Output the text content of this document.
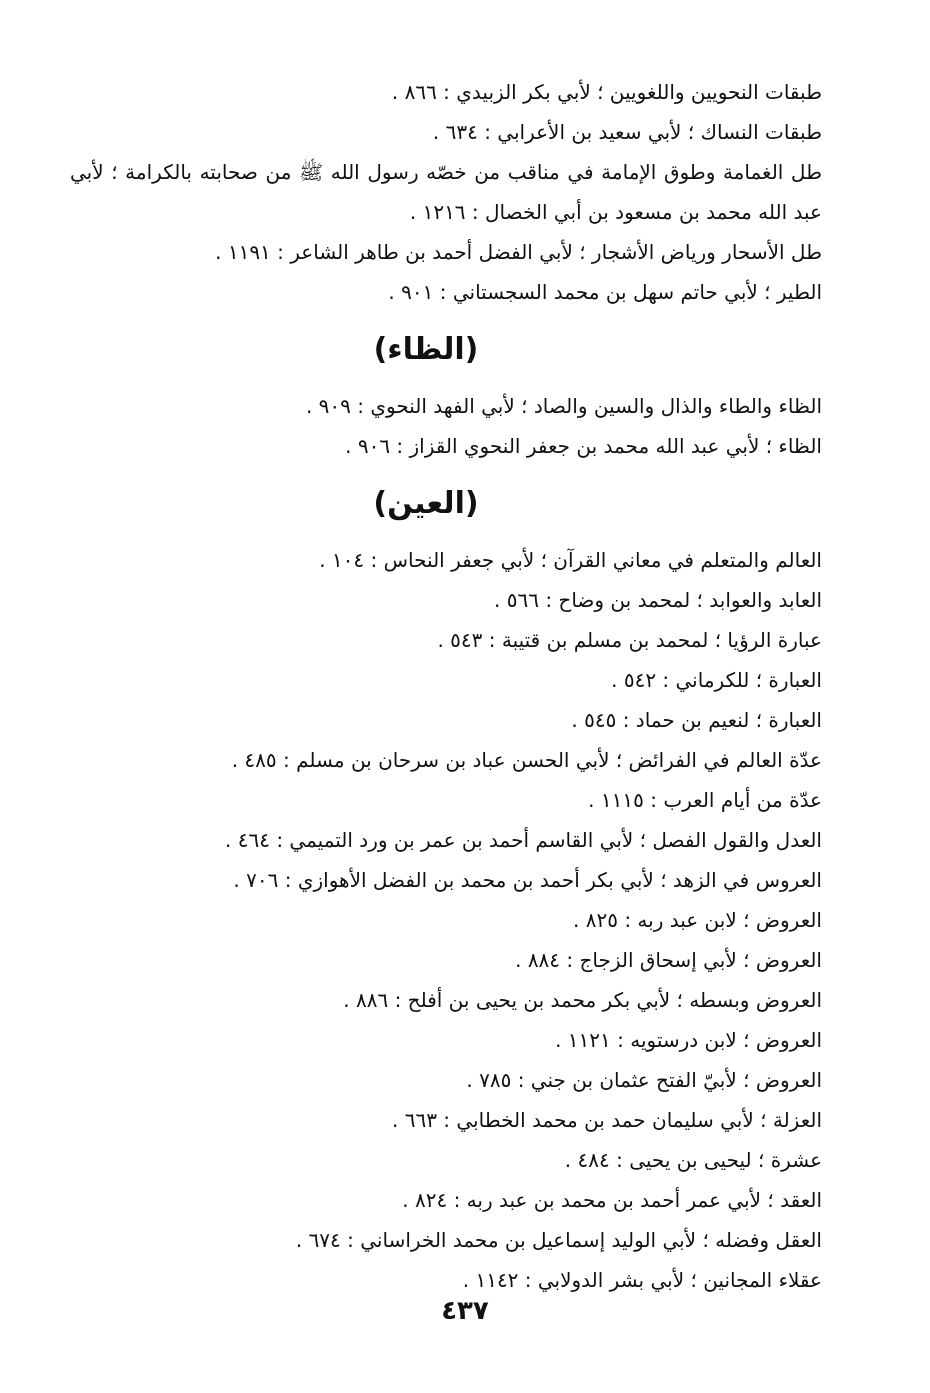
طبقات النحويين واللغويين ؛ لأبي بكر الزبيدي : ٨٦٦ .

طبقات النساك ؛ لأبي سعيد بن الأعرابي : ٦٣٤ .

طل الغمامة وطوق الإمامة في مناقب من خصّه رسول الله ﷺ من صحابته بالكرامة ؛ لأبي عبد الله محمد بن مسعود بن أبي الخصال : ١٢١٦ .

طل الأسحار ورياض الأشجار ؛ لأبي الفضل أحمد بن طاهر الشاعر : ١١٩١ .

الطير ؛ لأبي حاتم سهل بن محمد السجستاني : ٩٠١ .

(الظاء)

الظاء والطاء والذال والسين والصاد ؛ لأبي الفهد النحوي : ٩٠٩ .

الظاء ؛ لأبي عبد الله محمد بن جعفر النحوي القزاز : ٩٠٦ .

(العين)

العالم والمتعلم في معاني القرآن ؛ لأبي جعفر النحاس : ١٠٤ .

العابد والعوابد ؛ لمحمد بن وضاح : ٥٦٦ .

عبارة الرؤيا ؛ لمحمد بن مسلم بن قتيبة : ٥٤٣ .

العبارة ؛ للكرماني : ٥٤٢ .

العبارة ؛ لنعيم بن حماد : ٥٤٥ .

عدّة العالم في الفرائض ؛ لأبي الحسن عباد بن سرحان بن مسلم : ٤٨٥ .

عدّة من أيام العرب : ١١١٥ .

العدل والقول الفصل ؛ لأبي القاسم أحمد بن عمر بن ورد التميمي : ٤٦٤ .

العروس في الزهد ؛ لأبي بكر أحمد بن محمد بن الفضل الأهوازي : ٧٠٦ .

العروض ؛ لابن عبد ربه : ٨٢٥ .

العروض ؛ لأبي إسحاق الزجاج : ٨٨٤ .

العروض وبسطه ؛ لأبي بكر محمد بن يحيى بن أفلح : ٨٨٦ .

العروض ؛ لابن درستويه : ١١٢١ .

العروض ؛ لأبيّ الفتح عثمان بن جني : ٧٨٥ .

العزلة ؛ لأبي سليمان حمد بن محمد الخطابي : ٦٦٣ .

عشرة ؛ ليحيى بن يحيى : ٤٨٤ .

العقد ؛ لأبي عمر أحمد بن محمد بن عبد ربه : ٨٢٤ .

العقل وفضله ؛ لأبي الوليد إسماعيل بن محمد الخراساني : ٦٧٤ .

عقلاء المجانين ؛ لأبي بشر الدولابي : ١١٤٢ .

٤٣٧
